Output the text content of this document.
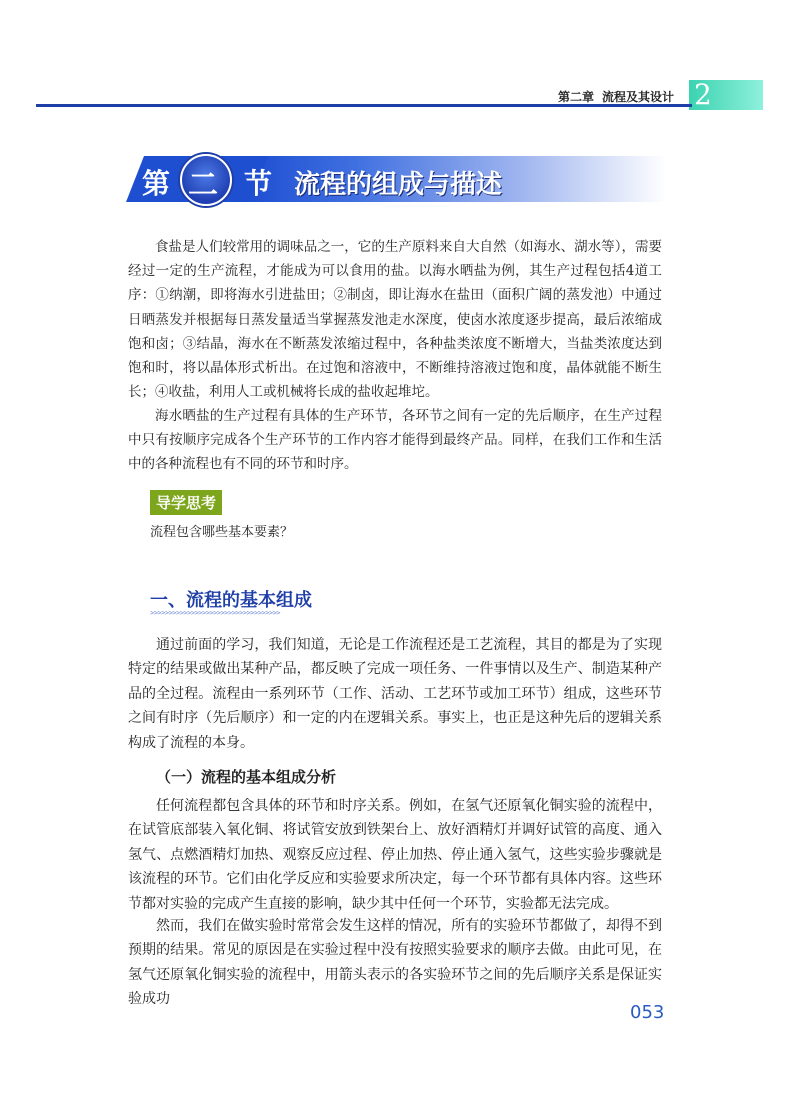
第二章 流程及其设计 2
第 二 节 流程的组成与描述

食盐是人们较常用的调味品之一，它的生产原料来自大自然（如海水、湖水等），需要经过一定的生产流程，才能成为可以食用的盐。以海水晒盐为例，其生产过程包括4道工序：①纳潮，即将海水引进盐田；②制卤，即让海水在盐田（面积广阔的蒸发池）中通过日晒蒸发并根据每日蒸发量适当掌握蒸发池走水深度，使卤水浓度逐步提高，最后浓缩成饱和卤；③结晶，海水在不断蒸发浓缩过程中，各种盐类浓度不断增大，当盐类浓度达到饱和时，将以晶体形式析出。在过饱和溶液中，不断维持溶液过饱和度，晶体就能不断生长；④收盐，利用人工或机械将长成的盐收起堆坨。

海水晒盐的生产过程有具体的生产环节，各环节之间有一定的先后顺序，在生产过程中只有按顺序完成各个生产环节的工作内容才能得到最终产品。同样，在我们工作和生活中的各种流程也有不同的环节和时序。

导学思考
流程包含哪些基本要素？
一、流程的基本组成
>>>>>>>>>>>>>>>>>>>>>>>>>>>>>>>>>>>

通过前面的学习，我们知道，无论是工作流程还是工艺流程，其目的都是为了实现特定的结果或做出某种产品，都反映了完成一项任务、一件事情以及生产、制造某种产品的全过程。流程由一系列环节（工作、活动、工艺环节或加工环节）组成，这些环节之间有时序（先后顺序）和一定的内在逻辑关系。事实上，也正是这种先后的逻辑关系构成了流程的本身。

（一）流程的基本组成分析

任何流程都包含具体的环节和时序关系。例如，在氢气还原氧化铜实验的流程中，在试管底部装入氧化铜、将试管安放到铁架台上、放好酒精灯并调好试管的高度、通入氢气、点燃酒精灯加热、观察反应过程、停止加热、停止通入氢气，这些实验步骤就是该流程的环节。它们由化学反应和实验要求所决定，每一个环节都有具体内容。这些环节都对实验的完成产生直接的影响，缺少其中任何一个环节，实验都无法完成。

然而，我们在做实验时常常会发生这样的情况，所有的实验环节都做了，却得不到预期的结果。常见的原因是在实验过程中没有按照实验要求的顺序去做。由此可见，在氢气还原氧化铜实验的流程中，用箭头表示的各实验环节之间的先后顺序关系是保证实验成功

053
